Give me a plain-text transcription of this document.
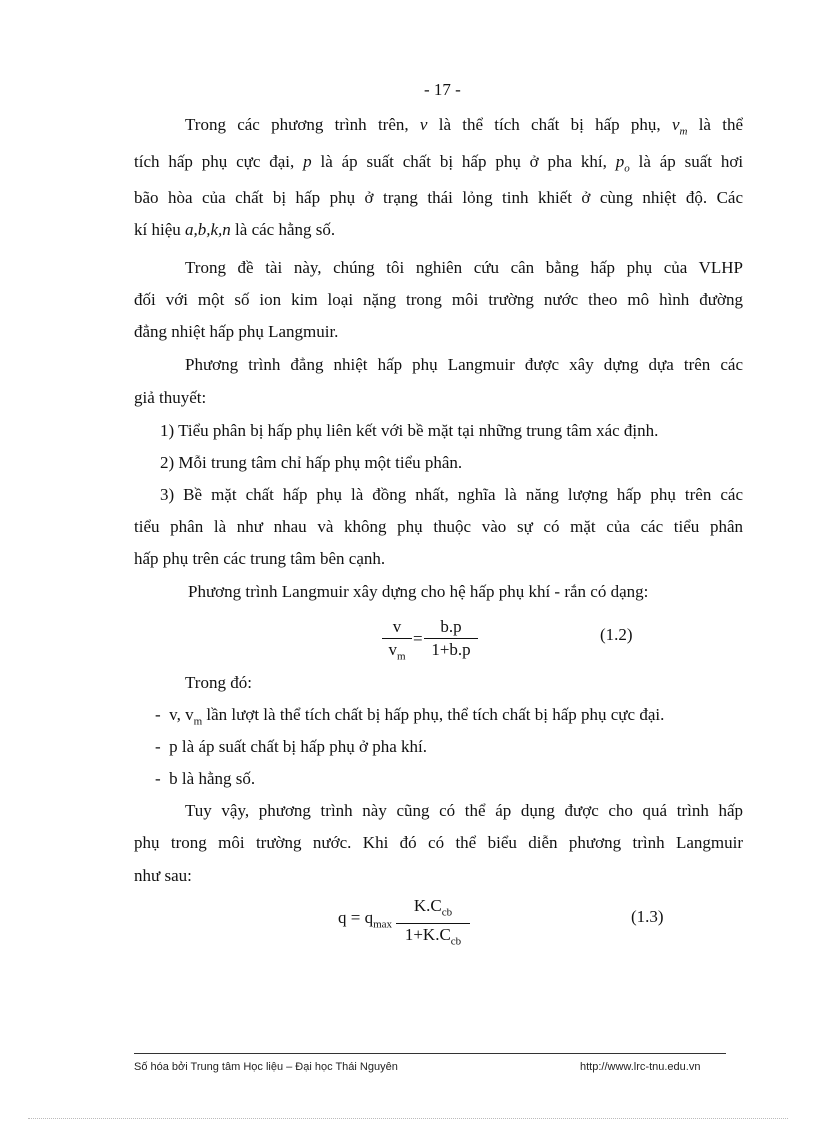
- 17 -
Trong các phương trình trên, v là thể tích chất bị hấp phụ, $v_m$ là thể
tích hấp phụ cực đại, p là áp suất chất bị hấp phụ ở pha khí, $p_o$ là áp suất hơi
bão hòa của chất bị hấp phụ ở trạng thái lỏng tinh khiết ở cùng nhiệt độ. Các
kí hiệu a,b,k,n là các hằng số.
Trong đề tài này, chúng tôi nghiên cứu cân bằng hấp phụ của VLHP
đối với một số ion kim loại nặng trong môi trường nước theo mô hình đường
đẳng nhiệt hấp phụ Langmuir.
Phương trình đẳng nhiệt hấp phụ Langmuir được xây dựng dựa trên các
giả thuyết:
1) Tiểu phân bị hấp phụ liên kết với bề mặt tại những trung tâm xác định.
2) Mỗi trung tâm chỉ hấp phụ một tiểu phân.
3) Bề mặt chất hấp phụ là đồng nhất, nghĩa là năng lượng hấp phụ trên các
tiểu phân là như nhau và không phụ thuộc vào sự có mặt của các tiểu phân
hấp phụ trên các trung tâm bên cạnh.
Phương trình Langmuir xây dựng cho hệ hấp phụ khí - rắn có dạng:
v
$v_m$
=
b.p
1+b.p
(1.2)
Trong đó:
-  v, $v_m$ lần lượt là thể tích chất bị hấp phụ, thể tích chất bị hấp phụ cực đại.
-  p là áp suất chất bị hấp phụ ở pha khí.
-  b là hằng số.
Tuy vậy, phương trình này cũng có thể áp dụng được cho quá trình hấp
phụ trong môi trường nước. Khi đó có thể biểu diễn phương trình Langmuir
như sau:
$q = q_{max}$
$K.C_{cb}$
$1+K.C_{cb}$
(1.3)
Số hóa bởi Trung tâm Học liệu – Đại học Thái Nguyên	http://www.lrc-tnu.edu.vn
